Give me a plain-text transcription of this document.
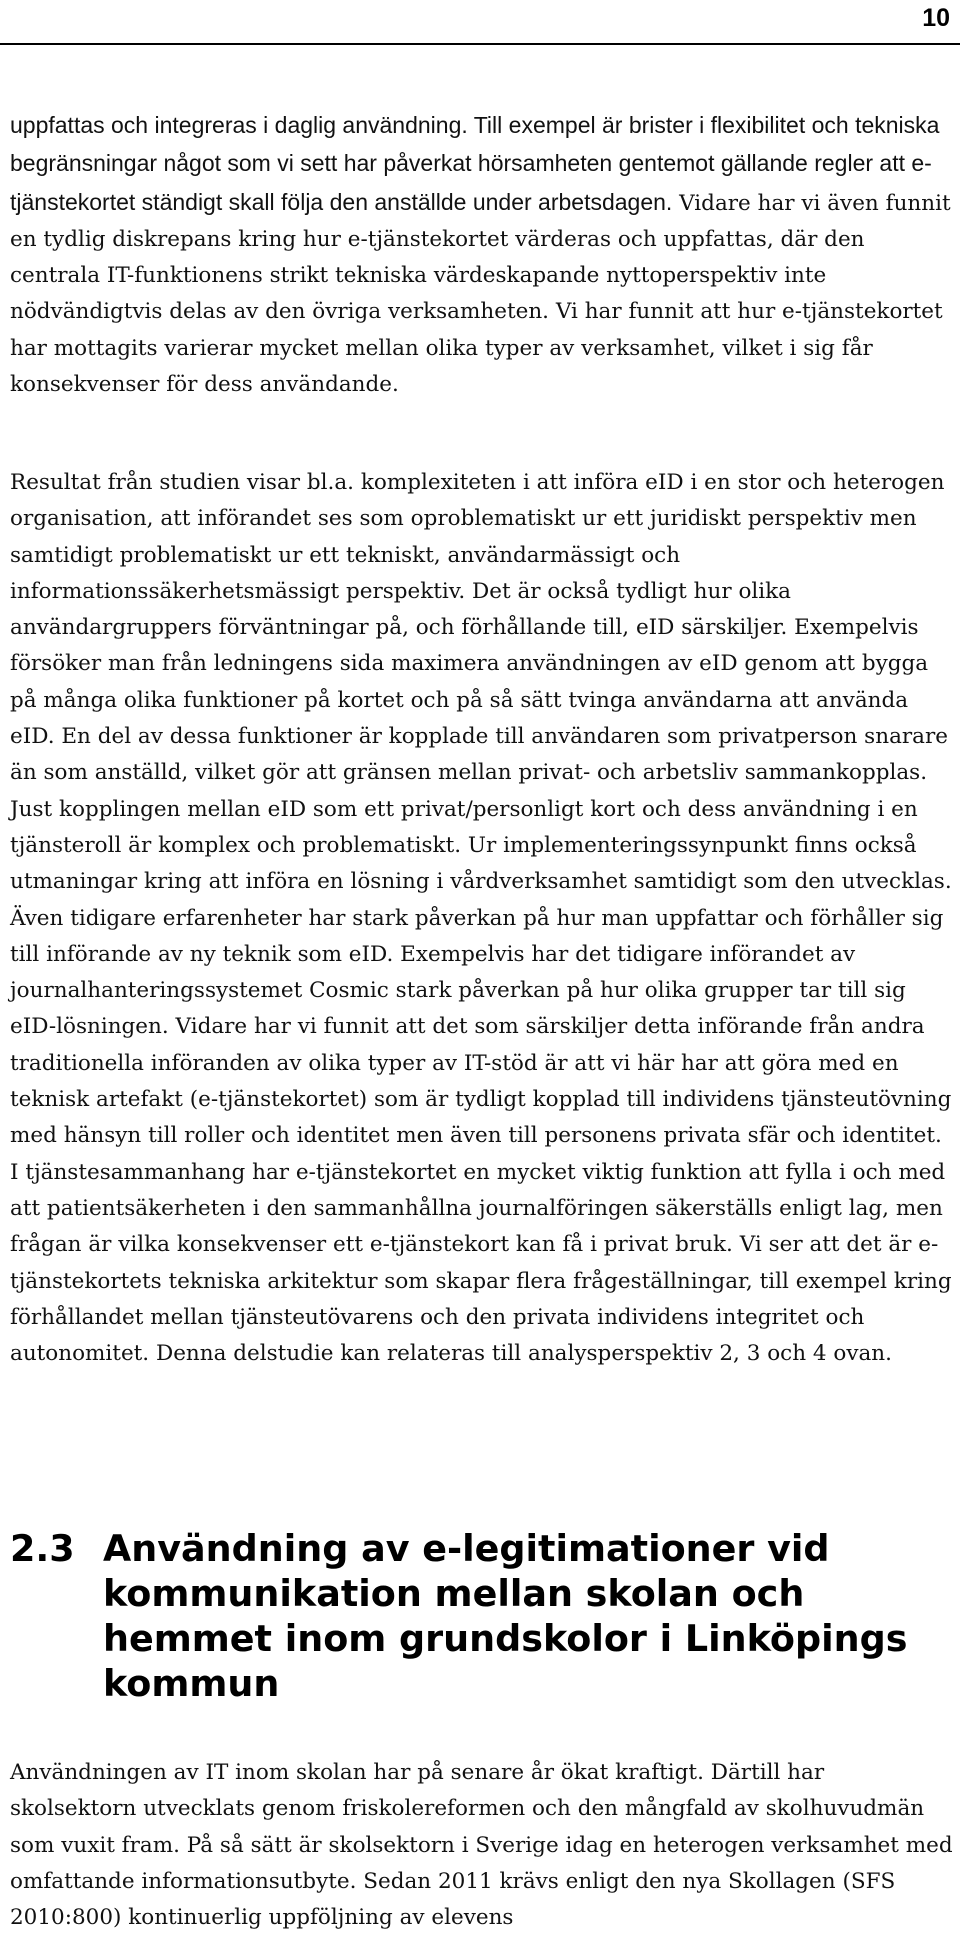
10

uppfattas och integreras i daglig användning. Till exempel är brister i flexibilitet och tekniska begränsningar något som vi sett har påverkat hörsamheten gentemot gällande regler att e-tjänstekortet ständigt skall följa den anställde under arbetsdagen. Vidare har vi även funnit en tydlig diskrepans kring hur e-tjänstekortet värderas och uppfattas, där den centrala IT-funktionens strikt tekniska värdeskapande nyttoperspektiv inte nödvändigtvis delas av den övriga verksamheten. Vi har funnit att hur e-tjänstekortet har mottagits varierar mycket mellan olika typer av verksamhet, vilket i sig får konsekvenser för dess användande.

Resultat från studien visar bl.a. komplexiteten i att införa eID i en stor och heterogen organisation, att införandet ses som oproblematiskt ur ett juridiskt perspektiv men samtidigt problematiskt ur ett tekniskt, användarmässigt och informationssäkerhetsmässigt perspektiv. Det är också tydligt hur olika användargruppers förväntningar på, och förhållande till, eID särskiljer. Exempelvis försöker man från ledningens sida maximera användningen av eID genom att bygga på många olika funktioner på kortet och på så sätt tvinga användarna att använda eID. En del av dessa funktioner är kopplade till användaren som privatperson snarare än som anställd, vilket gör att gränsen mellan privat- och arbetsliv sammankopplas. Just kopplingen mellan eID som ett privat/personligt kort och dess användning i en tjänsteroll är komplex och problematiskt. Ur implementeringssynpunkt finns också utmaningar kring att införa en lösning i vårdverksamhet samtidigt som den utvecklas. Även tidigare erfarenheter har stark påverkan på hur man uppfattar och förhåller sig till införande av ny teknik som eID. Exempelvis har det tidigare införandet av journalhanteringssystemet Cosmic stark påverkan på hur olika grupper tar till sig eID-lösningen. Vidare har vi funnit att det som särskiljer detta införande från andra traditionella införanden av olika typer av IT-stöd är att vi här har att göra med en teknisk artefakt (e-tjänstekortet) som är tydligt kopplad till individens tjänsteutövning med hänsyn till roller och identitet men även till personens privata sfär och identitet. I tjänstesammanhang har e-tjänstekortet en mycket viktig funktion att fylla i och med att patientsäkerheten i den sammanhållna journalföringen säkerställs enligt lag, men frågan är vilka konsekvenser ett e-tjänstekort kan få i privat bruk. Vi ser att det är e-tjänstekortets tekniska arkitektur som skapar flera frågeställningar, till exempel kring förhållandet mellan tjänsteutövarens och den privata individens integritet och autonomitet. Denna delstudie kan relateras till analysperspektiv 2, 3 och 4 ovan.

2.3 Användning av e-legitimationer vid kommunikation mellan skolan och hemmet inom grundskolor i Linköpings kommun

Användningen av IT inom skolan har på senare år ökat kraftigt. Därtill har skolsektorn utvecklats genom friskolereformen och den mångfald av skolhuvudmän som vuxit fram. På så sätt är skolsektorn i Sverige idag en heterogen verksamhet med omfattande informationsutbyte. Sedan 2011 krävs enligt den nya Skollagen (SFS 2010:800) kontinuerlig uppföljning av elevens
